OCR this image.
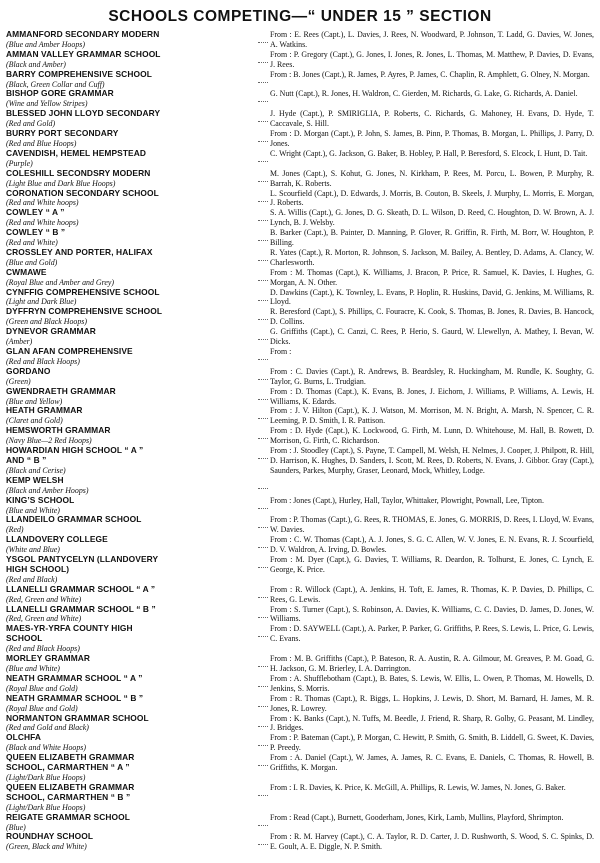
SCHOOLS COMPETING—“ UNDER 15 ” SECTION
AMMANFORD SECONDARY MODERN
(Blue and Amber Hoops)
From : E. Rees (Capt.), L. Davies, J. Rees, N. Woodward, P. Johnson, T. Ladd, G. Davies, W. Jones, A. Watkins.
AMMAN VALLEY GRAMMAR SCHOOL
(Black and Amber)
From : P. Gregory (Capt.), G. Jones, I. Jones, R. Jones, L. Thomas, M. Matthew, P. Davies, D. Evans, J. Rees.
BARRY COMPREHENSIVE SCHOOL
(Black, Green Collar and Cuff)
From : B. Jones (Capt.), R. James, P. Ayres, P. James, C. Chaplin, R. Amphlett, G. Olney, N. Morgan.
BISHOP GORE GRAMMAR
(Wine and Yellow Stripes)
G. Nutt (Capt.), R. Jones, H. Waldron, C. Gierden, M. Richards, G. Lake, G. Richards, A. Daniel.
BLESSED JOHN LLOYD SECONDARY
(Red and Gold)
J. Hyde (Capt.), P. SMIRIGLIA, P. Roberts, C. Richards, G. Mahoney, H. Evans, D. Hyde, T. Caccavale, S. Hill.
BURRY PORT SECONDARY
(Red and Blue Hoops)
From : D. Morgan (Capt.), P. John, S. James, B. Pinn, P. Thomas, B. Morgan, L. Phillips, J. Parry, D. Jones.
CAVENDISH, HEMEL HEMPSTEAD
(Purple)
C. Wright (Capt.), G. Jackson, G. Baker, B. Hobley, P. Hall, P. Beresford, S. Elcock, I. Hunt, D. Tait.
COLESHILL SECONDSRY MODERN
(Light Blue and Dark Blue Hoops)
M. Jones (Capt.), S. Kohut, G. Jones, N. Kirkham, P. Rees, M. Porcu, L. Bowen, P. Murphy, R. Barrah, K. Roberts.
CORONATION SECONDARY SCHOOL
(Red and White hoops)
L. Scourfield (Capt.), D. Edwards, J. Morris, B. Couton, B. Skeels, J. Murphy, L. Morris, E. Morgan, J. Roberts.
COWLEY “ A ”
(Red and White hoops)
S. A. Willis (Capt.), G. Jones, D. G. Skeath, D. L. Wilson, D. Reed, C. Houghton, D. W. Brown, A. J. Lynch, B. J. Welsby.
COWLEY “ B ”
(Red and White)
B. Barker (Capt.), B. Painter, D. Manning, P. Glover, R. Griffin, R. Firth, M. Borr, W. Houghton, P. Billing.
CROSSLEY AND PORTER, HALIFAX
(Blue and Gold)
R. Yates (Capt.), R. Morton, R. Johnson, S. Jackson, M. Bailey, A. Bentley, D. Adams, A. Clancy, W. Charlesworth.
CWMAWE
(Royal Blue and Amber and Grey)
From : M. Thomas (Capt.), K. Williams, J. Bracon, P. Price, R. Samuel, K. Davies, I. Hughes, G. Morgan, A. N. Other.
CYNFFIG COMPREHENSIVE SCHOOL
(Light and Dark Blue)
D. Dawkins (Capt.), K. Townley, L. Evans, P. Hoplin, R. Huskins, David, G. Jenkins, M. Williams, R. Lloyd.
DYFFRYN COMPREHENSIVE SCHOOL
(Green and Black Hoops)
R. Beresford (Capt.), S. Phillips, C. Fouracre, K. Cook, S. Thomas, B. Jones, R. Davies, B. Hancock, D. Collins.
DYNEVOR GRAMMAR
(Amber)
G. Griffiths (Capt.), C. Canzi, C. Rees, P. Herio, S. Gaurd, W. Llewellyn, A. Mathey, I. Bevan, W. Dicks.
GLAN AFAN COMPREHENSIVE
(Red and Black Hoops)
From :
GORDANO
(Green)
From : C. Davies (Capt.), R. Andrews, B. Beardsley, R. Huckingham, M. Rundle, K. Soughty, G. Taylor, G. Burns, L. Trudgian.
GWENDRAETH GRAMMAR
(Blue and Yellow)
From : D. Thomas (Capt.), K. Evans, B. Jones, J. Eichorn, J. Williams, P. Williams, A. Lewis, H. Williams, K. Edards.
HEATH GRAMMAR
(Claret and Gold)
From : J. V. Hilton (Capt.), K. J. Watson, M. Morrison, M. N. Bright, A. Marsh, N. Spencer, C. R. Leeming, P. D. Smith, I. R. Pattison.
HEMSWORTH GRAMMAR
(Navy Blue—2 Red Hoops)
From : D. Hyde (Capt.), K. Lockwood, G. Firth, M. Lunn, D. Whitehouse, M. Hall, B. Rowett, D. Morrison, G. Firth, C. Richardson.
HOWARDIAN HIGH SCHOOL “ A ”
AND “ B ”
(Black and Cerise)
From : J. Stoodley (Capt.), S. Payne, T. Campell, M. Welsh, H. Nelmes, J. Cooper, J. Philpott, R. Hill, D. Harrison, K. Hughes, D. Sanders, I. Scott, M. Rees, D. Roberts, N. Evans, J. Gibbor. Gray (Capt.), Saunders, Parkes, Murphy, Graser, Leonard, Mock, Whitley, Lodge.
KEMP WELSH
(Black and Amber Hoops)
KING’S SCHOOL
(Blue and White)
From : Jones (Capt.), Hurley, Hall, Taylor, Whittaker, Plowright, Pownall, Lee, Tipton.
LLANDEILO GRAMMAR SCHOOL
(Red)
From : P. Thomas (Capt.), G. Rees, R. THOMAS, E. Jones, G. MORRIS, D. Rees, I. Lloyd, W. Evans, W. Davies.
LLANDOVERY COLLEGE
(White and Blue)
From : C. W. Thomas (Capt.), A. J. Jones, S. G. C. Allen, W. V. Jones, E. N. Evans, R. J. Scourfield, D. V. Waldron, A. Irving, D. Bowles.
YSGOL PANTYCELYN (LLANDOVERY
HIGH SCHOOL)
(Red and Black)
From : M. Dyer (Capt.), G. Davies, T. Williams, R. Deardon, R. Tolhurst, E. Jones, C. Lynch, E. George, K. Price.
LLANELLI GRAMMAR SCHOOL “ A ”
(Red, Green and White)
From : R. Willock (Capt.), A. Jenkins, H. Toft, E. James, R. Thomas, K. P. Davies, D. Phillips, C. Rees, G. Lewis.
LLANELLI GRAMMAR SCHOOL “ B ”
(Red, Green and White)
From : S. Turner (Capt.), S. Robinson, A. Davies, K. Williams, C. C. Davies, D. James, D. Jones, W. Williams.
MAES-YR-YRFA COUNTY HIGH
SCHOOL
(Red and Black Hoops)
From : D. SAYWELL (Capt.), A. Parker, P. Parker, G. Griffiths, P. Rees, S. Lewis, L. Price, G. Lewis, C. Evans.
MORLEY GRAMMAR
(Blue and White)
From : M. B. Griffiths (Capt.), P. Bateson, R. A. Austin, R. A. Gilmour, M. Greaves, P. M. Goad, G. H. Jackson, G. M. Brierley, I. A. Darrington.
NEATH GRAMMAR SCHOOL “ A ”
(Royal Blue and Gold)
From : A. Shufflebotham (Capt.), B. Bates, S. Lewis, W. Ellis, L. Owen, P. Thomas, M. Howells, D. Jenkins, S. Morris.
NEATH GRAMMAR SCHOOL “ B ”
(Royal Blue and Gold)
From : R. Thomas (Capt.), R. Biggs, L. Hopkins, J. Lewis, D. Short, M. Barnard, H. James, M. R. Jones, R. Lowrey.
NORMANTON GRAMMAR SCHOOL
(Red and Gold and Black)
From : K. Banks (Capt.), N. Tuffs, M. Beedle, J. Friend, R. Sharp, R. Golby, G. Peasant, M. Lindley, J. Bridges.
OLCHFA
(Black and White Hoops)
From : P. Bateman (Capt.), P. Morgan, C. Hewitt, P. Smith, G. Smith, B. Liddell, G. Sweet, K. Davies, P. Preedy.
QUEEN ELIZABETH GRAMMAR
SCHOOL, CARMARTHEN “ A ”
(Light/Dark Blue Hoops)
From : A. Daniel (Capt.), W. James, A. James, R. C. Evans, E. Daniels, C. Thomas, R. Howell, B. Griffiths, K. Morgan.
QUEEN ELIZABETH GRAMMAR
SCHOOL, CARMARTHEN “ B ”
(Light/Dark Blue Hoops)
From : I. R. Davies, K. Price, K. McGill, A. Phillips, R. Lewis, W. James, N. Jones, G. Baker.
REIGATE GRAMMAR SCHOOL
(Blue)
From : Read (Capt.), Burnett, Gooderham, Jones, Kirk, Lamb, Mullins, Playford, Shrimpton.
ROUNDHAY SCHOOL
(Green, Black and White)
From : R. M. Harvey (Capt.), C. A. Taylor, R. D. Carter, J. D. Rushworth, S. Wood, S. C. Spinks, D. E. Goult, A. E. Diggle, N. P. Smith.
